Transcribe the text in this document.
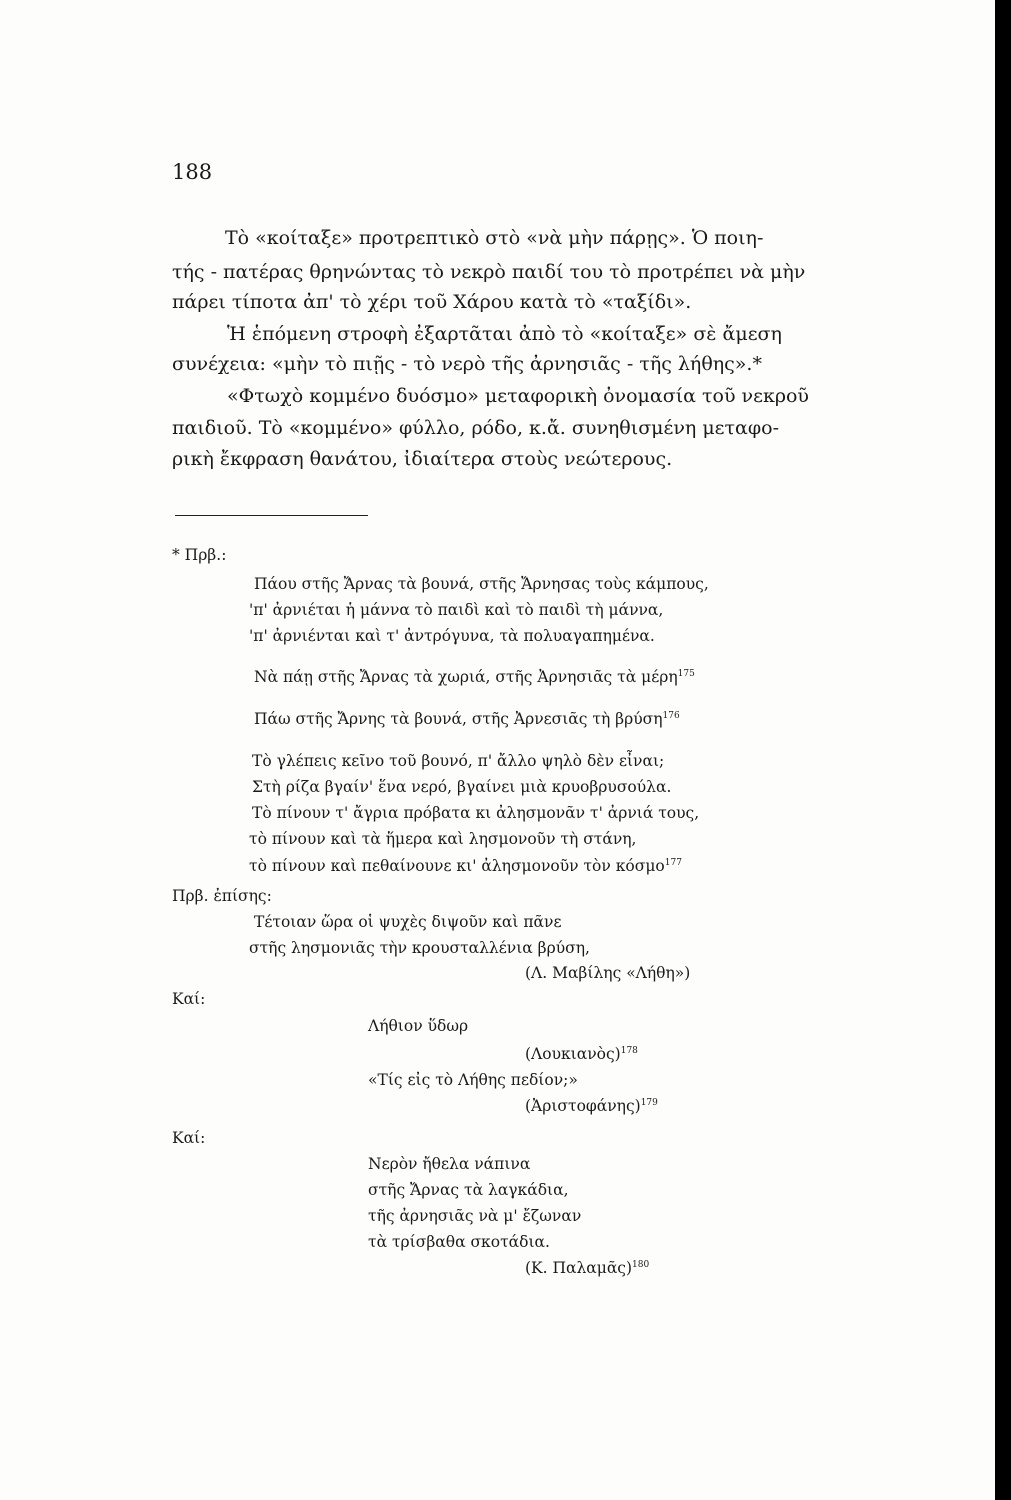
188
Τὸ «κοίταξε» προτρεπτικὸ στὸ «νὰ μὴν πάρῃς». Ὁ ποιη-
τής - πατέρας θρηνώντας τὸ νεκρὸ παιδί του τὸ προτρέπει νὰ μὴν
πάρει τίποτα ἀπ' τὸ χέρι τοῦ Χάρου κατὰ τὸ «ταξίδι».
Ἡ ἑπόμενη στροφὴ ἐξαρτᾶται ἀπὸ τὸ «κοίταξε» σὲ ἄμεση
συνέχεια: «μὴν τὸ πιῇς - τὸ νερὸ τῆς ἀρνησιᾶς - τῆς λήθης».*
«Φτωχὸ κομμένο δυόσμο» μεταφορικὴ ὀνομασία τοῦ νεκροῦ
παιδιοῦ. Τὸ «κομμένο» φύλλο, ρόδο, κ.ἄ. συνηθισμένη μεταφο-
ρικὴ ἔκφραση θανάτου, ἰδιαίτερα στοὺς νεώτερους.
* Πρβ.:
Πάου στῆς Ἄρνας τὰ βουνά, στῆς Ἄρνησας τοὺς κάμπους,
'π' ἀρνιέται ἡ μάννα τὸ παιδὶ καὶ τὸ παιδὶ τὴ μάννα,
'π' ἀρνιένται καὶ τ' ἀντρόγυνα, τὰ πολυαγαπημένα.
Νὰ πάῃ στῆς Ἄρνας τὰ χωριά, στῆς Ἀρνησιᾶς τὰ μέρη$^{175}$
Πάω στῆς Ἄρνης τὰ βουνά, στῆς Ἀρνεσιᾶς τὴ βρύση$^{176}$
Τὸ γλέπεις κεῖνο τοῦ βουνό, π' ἄλλο ψηλὸ δὲν εἶναι;
Στὴ ρίζα βγαίν' ἕνα νερό, βγαίνει μιὰ κρυοβρυσούλα.
Τὸ πίνουν τ' ἄγρια πρόβατα κι ἀλησμονᾶν τ' ἀρνιά τους,
τὸ πίνουν καὶ τὰ ἥμερα καὶ λησμονοῦν τὴ στάνη,
τὸ πίνουν καὶ πεθαίνουνε κι' ἀλησμονοῦν τὸν κόσμο$^{177}$
Πρβ. ἐπίσης:
Τέτοιαν ὥρα οἱ ψυχὲς διψοῦν καὶ πᾶνε
στῆς λησμονιᾶς τὴν κρουσταλλένια βρύση,
(Λ. Μαβίλης «Λήθη»)
Καί:
Λήθιον ὕδωρ
(Λουκιανὸς)$^{178}$
«Τίς εἰς τὸ Λήθης πεδίον;»
(Ἀριστοφάνης)$^{179}$
Καί:
Νερὸν ἤθελα νάπινα
στῆς Ἄρνας τὰ λαγκάδια,
τῆς ἀρνησιᾶς νὰ μ' ἔζωναν
τὰ τρίσβαθα σκοτάδια.
(Κ. Παλαμᾶς)$^{180}$
